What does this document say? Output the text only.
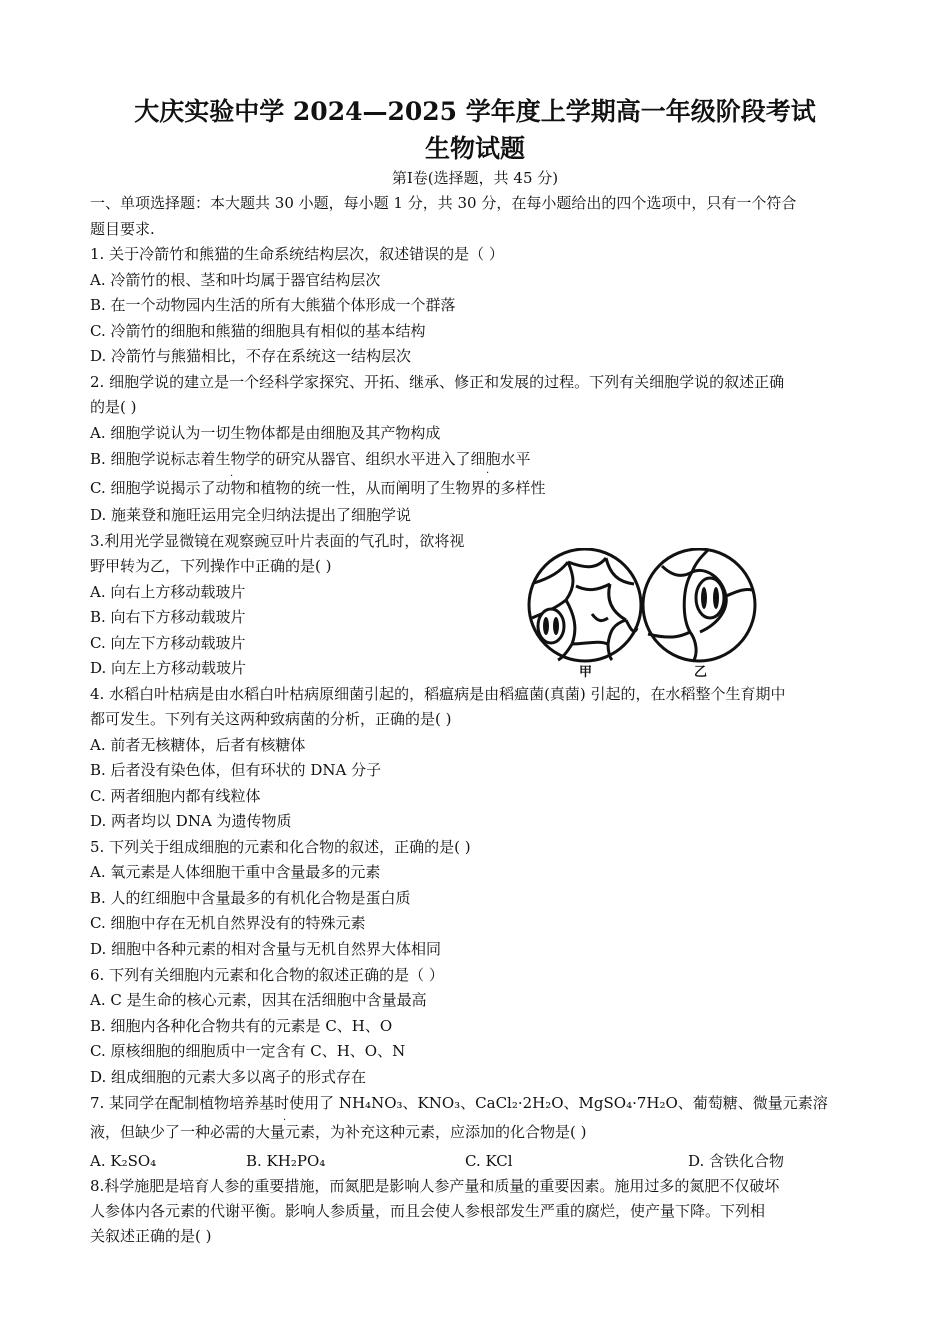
大庆实验中学 2024—2025 学年度上学期高一年级阶段考试
生物试题
第Ⅰ卷(选择题，共 45 分)
一、单项选择题：本大题共 30 小题，每小题 1 分，共 30 分，在每小题给出的四个选项中，只有一个符合
题目要求.
1. 关于冷箭竹和熊猫的生命系统结构层次，叙述错误的是（ ）
A. 冷箭竹的根、茎和叶均属于器官结构层次
B. 在一个动物园内生活的所有大熊猫个体形成一个群落
C. 冷箭竹的细胞和熊猫的细胞具有相似的基本结构
D. 冷箭竹与熊猫相比，不存在系统这一结构层次
2. 细胞学说的建立是一个经科学家探究、开拓、继承、修正和发展的过程。下列有关细胞学说的叙述正确
的是( )
A. 细胞学说认为一切生物体都是由细胞及其产物构成
B. 细胞学说标志着生物学的研究从器官、组织水平进入了细胞水平
·
·
C. 细胞学说揭示了动物和植物的统一性，从而阐明了生物界的多样性
D. 施莱登和施旺运用完全归纳法提出了细胞学说
3.利用光学显微镜在观察豌豆叶片表面的气孔时，欲将视
野甲转为乙，下列操作中正确的是( )
A. 向右上方移动载玻片
B. 向右下方移动载玻片
C. 向左下方移动载玻片
D. 向左上方移动载玻片	甲	乙
4. 水稻白叶枯病是由水稻白叶枯病原细菌引起的，稻瘟病是由稻瘟菌(真菌) 引起的，在水稻整个生育期中
都可发生。下列有关这两种致病菌的分析，正确的是( )
A. 前者无核糖体，后者有核糖体
B. 后者没有染色体，但有环状的 DNA 分子
C. 两者细胞内都有线粒体
D. 两者均以 DNA 为遗传物质
5. 下列关于组成细胞的元素和化合物的叙述，正确的是( )
A. 氧元素是人体细胞干重中含量最多的元素
B. 人的红细胞中含量最多的有机化合物是蛋白质
C. 细胞中存在无机自然界没有的特殊元素
D. 细胞中各种元素的相对含量与无机自然界大体相同
6. 下列有关细胞内元素和化合物的叙述正确的是（ ）
A. C 是生命的核心元素，因其在活细胞中含量最高
B. 细胞内各种化合物共有的元素是 C、H、O
C. 原核细胞的细胞质中一定含有 C、H、O、N
D. 组成细胞的元素大多以离子的形式存在
7. 某同学在配制植物培养基时使用了 NH₄NO₃、KNO₃、CaCl₂·2H₂O、MgSO₄·7H₂O、葡萄糖、微量元素溶
·
液，但缺少了一种必需的大量元素，为补充这种元素，应添加的化合物是( )
A. K₂SO₄	B. KH₂PO₄	C. KCl	D. 含铁化合物
8.科学施肥是培育人参的重要措施，而氮肥是影响人参产量和质量的重要因素。施用过多的氮肥不仅破坏
人参体内各元素的代谢平衡。影响人参质量，而且会使人参根部发生严重的腐烂，使产量下降。下列相
关叙述正确的是( )
